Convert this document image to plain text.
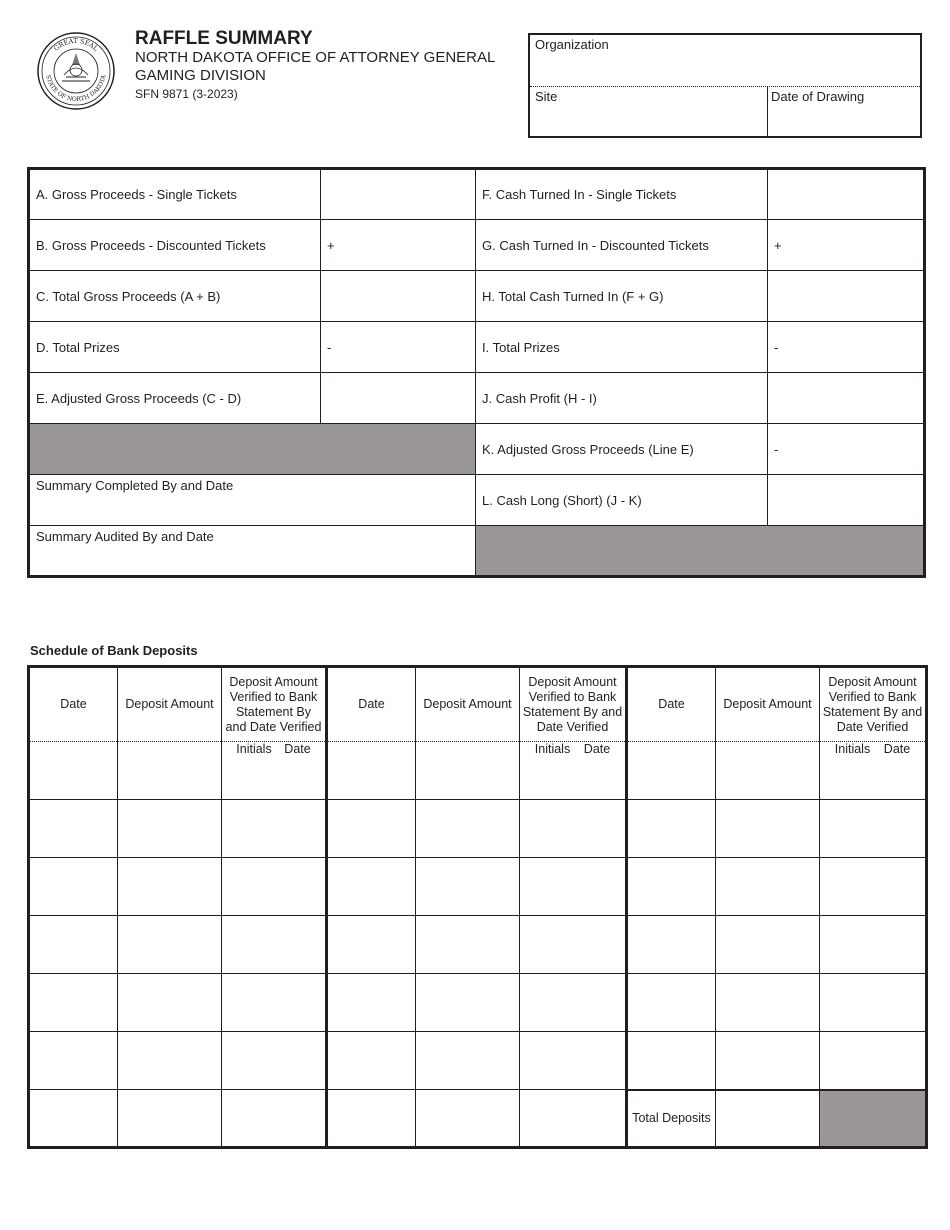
GREAT SEAL
STATE OF NORTH DAKOTA
RAFFLE SUMMARY
NORTH DAKOTA OFFICE OF ATTORNEY GENERAL
GAMING DIVISION
SFN 9871 (3-2023)
Organization
Site	Date of Drawing
A. Gross Proceeds - Single Tickets		F. Cash Turned In - Single Tickets	
B. Gross Proceeds - Discounted Tickets	+	G. Cash Turned In - Discounted Tickets	+
C. Total Gross Proceeds (A + B)		H. Total Cash Turned In (F + G)	
D. Total Prizes	-	I. Total Prizes	-
E. Adjusted Gross Proceeds (C - D)		J. Cash Profit (H - I)	
		K. Adjusted Gross Proceeds (Line E)	-
Summary Completed By and Date		L. Cash Long (Short) (J - K)	
Summary Audited By and Date			
Schedule of Bank Deposits
Date	Deposit Amount	Deposit Amount Verified to Bank Statement By and Date Verified	Date	Deposit Amount	Deposit Amount Verified to Bank Statement By and Date Verified	Date	Deposit Amount	Deposit Amount Verified to Bank Statement By and Date Verified

		Initials Date			Initials Date			Initials Date

						Total Deposits		
